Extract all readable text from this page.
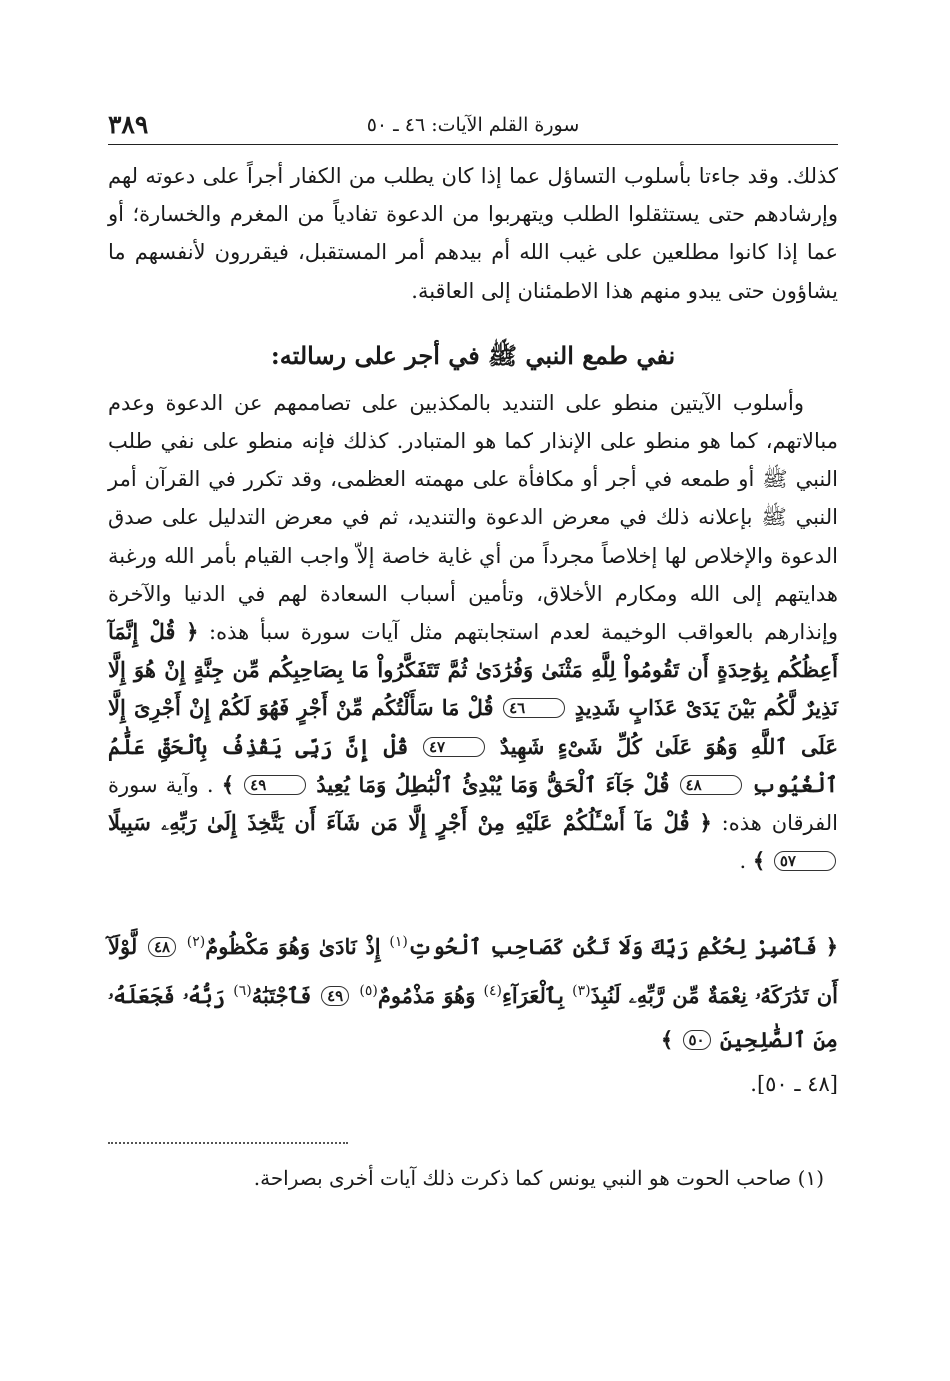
٣٨٩	سورة القلم الآيات: ٤٦ ـ ٥٠

كذلك. وقد جاءتا بأسلوب التساؤل عما إذا كان يطلب من الكفار أجراً على دعوته لهم وإرشادهم حتى يستثقلوا الطلب ويتهربوا من الدعوة تفادياً من المغرم والخسارة؛ أو عما إذا كانوا مطلعين على غيب الله أم بيدهم أمر المستقبل، فيقررون لأنفسهم ما يشاؤون حتى يبدو منهم هذا الاطمئنان إلى العاقبة.

نفي طمع النبي ﷺ في أجر على رسالته:

وأسلوب الآيتين منطو على التنديد بالمكذبين على تصاممهم عن الدعوة وعدم مبالاتهم، كما هو منطو على الإنذار كما هو المتبادر. كذلك فإنه منطو على نفي طلب النبي ﷺ أو طمعه في أجر أو مكافأة على مهمته العظمى، وقد تكرر في القرآن أمر النبي ﷺ بإعلانه ذلك في معرض الدعوة والتنديد، ثم في معرض التدليل على صدق الدعوة والإخلاص لها إخلاصاً مجرداً من أي غاية خاصة إلاّ واجب القيام بأمر الله ورغبة هدايتهم إلى الله ومكارم الأخلاق، وتأمين أسباب السعادة لهم في الدنيا والآخرة وإنذارهم بالعواقب الوخيمة لعدم استجابتهم مثل آيات سورة سبأ هذه: ﴿ قُلْ إِنَّمَآ أَعِظُكُم بِوَٰحِدَةٍ أَن تَقُومُواْ لِلَّهِ مَثْنَىٰ وَفُرَٰدَىٰ ثُمَّ تَتَفَكَّرُواْ مَا بِصَاحِبِكُم مِّن جِنَّةٍ إِنْ هُوَ إِلَّا نَذِيرٌ لَّكُم بَيْنَ يَدَىْ عَذَابٍ شَدِيدٍ ٤٦ قُلْ مَا سَأَلْتُكُم مِّنْ أَجْرٍ فَهُوَ لَكُمْ إِنْ أَجْرِىَ إِلَّا عَلَى ٱللَّهِ وَهُوَ عَلَىٰ كُلِّ شَىْءٍ شَهِيدٌ ٤٧ قُلْ إِنَّ رَبِّى يَقْذِفُ بِٱلْحَقِّ عَلَّٰمُ ٱلْغُيُوبِ ٤٨ قُلْ جَآءَ ٱلْحَقُّ وَمَا يُبْدِئُ ٱلْبَٰطِلُ وَمَا يُعِيدُ ٤٩ ﴾ . وآية سورة الفرقان هذه: ﴿ قُلْ مَآ أَسْـَٔلُكُمْ عَلَيْهِ مِنْ أَجْرٍ إِلَّا مَن شَآءَ أَن يَتَّخِذَ إِلَىٰ رَبِّهِۦ سَبِيلًا ٥٧ ﴾ .

﴿ فَٱصْبِرْ لِحُكْمِ رَبِّكَ وَلَا تَكُن كَصَاحِبِ ٱلْحُوتِ$^{(١)}$ إِذْ نَادَىٰ وَهُوَ مَكْظُومٌ$^{(٢)}$ ٤٨ لَّوْلَآ أَن تَدَٰرَكَهُۥ نِعْمَةٌ مِّن رَّبِّهِۦ لَنُبِذَ$^{(٣)}$ بِٱلْعَرَآءِ$^{(٤)}$ وَهُوَ مَذْمُومٌ$^{(٥)}$ ٤٩ فَٱجْتَبَٰهُ$^{(٦)}$ رَبُّهُۥ فَجَعَلَهُۥ مِنَ ٱلصَّٰلِحِينَ ٥٠ ﴾

[٤٨ ـ ٥٠].

(١) صاحب الحوت هو النبي يونس كما ذكرت ذلك آيات أخرى بصراحة.
